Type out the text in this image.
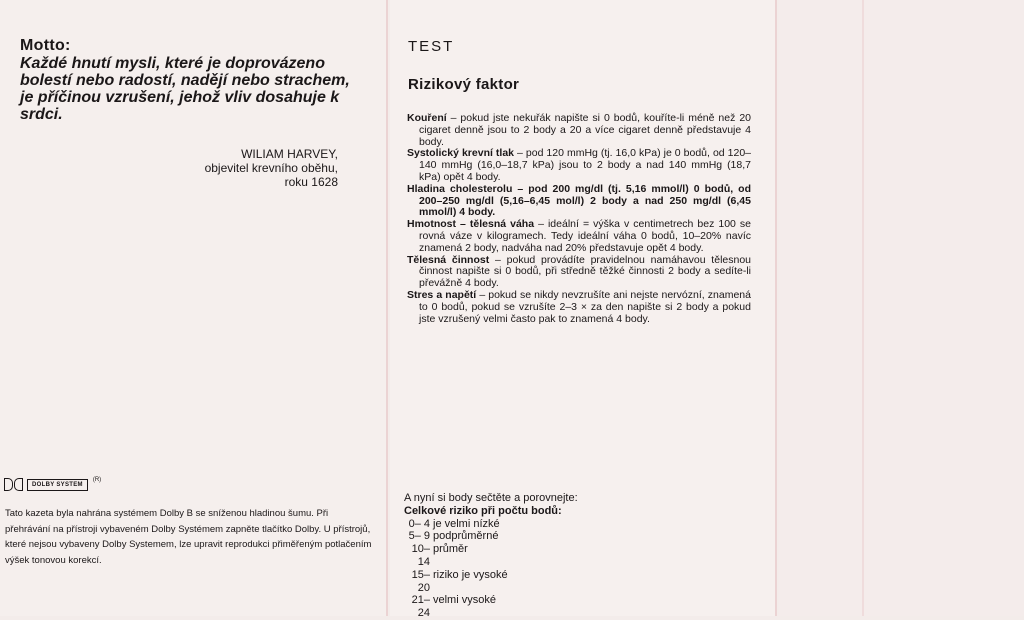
Motto:
Každé hnutí mysli, které je doprovázeno bolestí nebo radostí, nadějí nebo strachem, je příčinou vzrušení, jehož vliv dosahuje k srdci.
WILIAM HARVEY,
objevitel krevního oběhu,
roku 1628
DOLBY SYSTEM
(R)
Tato kazeta byla nahrána systémem Dolby B se sníženou hladinou šumu. Při přehrávání na přístroji vybaveném Dolby Systémem zapněte tlačítko Dolby. U přístrojů, které nejsou vybaveny Dolby Systemem, lze upravit reprodukci přiměřeným potlačením výšek tonovou korekcí.
TEST
Rizikový faktor
Kouření – pokud jste nekuřák napište si 0 bodů, kouříte-li méně než 20 cigaret denně jsou to 2 body a 20 a více cigaret denně představuje 4 body.
Systolický krevní tlak – pod 120 mmHg (tj. 16,0 kPa) je 0 bodů, od 120–140 mmHg (16,0–18,7 kPa) jsou to 2 body a nad 140 mmHg (18,7 kPa) opět 4 body.
Hladina cholesterolu – pod 200 mg/dl (tj. 5,16 mmol/l) 0 bodů, od 200–250 mg/dl (5,16–6,45 mol/l) 2 body a nad 250 mg/dl (6,45 mmol/l) 4 body.
Hmotnost – tělesná váha – ideální = výška v centimetrech bez 100 se rovná váze v kilogramech. Tedy ideální váha 0 bodů, 10–20% navíc znamená 2 body, nadváha nad 20% představuje opět 4 body.
Tělesná činnost – pokud provádíte pravidelnou namáhavou tělesnou činnost napište si 0 bodů, při středně těžké činnosti 2 body a sedíte-li převážně 4 body.
Stres a napětí – pokud se nikdy nevzrušíte ani nejste nervózní, znamená to 0 bodů, pokud se vzrušíte 2–3 × za den napište si 2 body a pokud jste vzrušený velmi často pak to znamená 4 body.
A nyní si body sečtěte a porovnejte:
Celkové riziko při počtu bodů:
0– 4 je velmi nízké
5– 9 podprůměrné
10–14
průměr
15–20
riziko je vysoké
21–24
velmi vysoké
